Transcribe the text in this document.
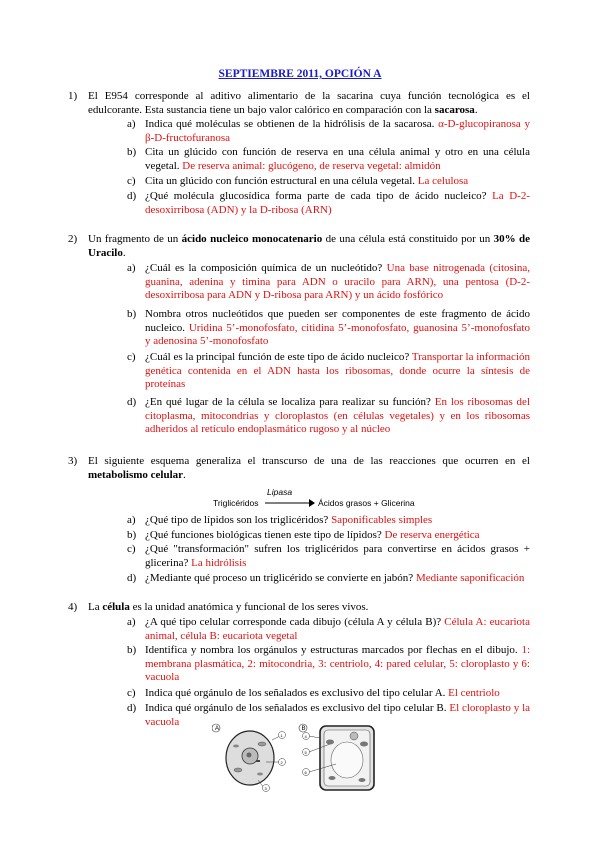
SEPTIEMBRE 2011, OPCIÓN A
1) El E954 corresponde al aditivo alimentario de la sacarina cuya función tecnológica es el edulcorante. Esta sustancia tiene un bajo valor calórico en comparación con la sacarosa.
a) Indica qué moléculas se obtienen de la hidrólisis de la sacarosa. α-D-glucopiranosa y β-D-fructofuranosa
b) Cita un glúcido con función de reserva en una célula animal y otro en una célula vegetal. De reserva animal: glucógeno, de reserva vegetal: almidón
c) Cita un glúcido con función estructural en una célula vegetal. La celulosa
d) ¿Qué molécula glucosídica forma parte de cada tipo de ácido nucleico? La D-2-desoxirribosa (ADN) y la D-ribosa (ARN)
2) Un fragmento de un ácido nucleico monocatenario de una célula está constituido por un 30% de Uracilo.
a) ¿Cuál es la composición química de un nucleótido? Una base nitrogenada (citosina, guanina, adenina y timina para ADN o uracilo para ARN), una pentosa (D-2-desoxirribosa para ADN y D-ribosa para ARN) y un ácido fosfórico
b) Nombra otros nucleótidos que pueden ser componentes de este fragmento de ácido nucleico. Uridina 5’-monofosfato, citidina 5’-monofosfato, guanosina 5’-monofosfato y adenosina 5’-monofosfato
c) ¿Cuál es la principal función de este tipo de ácido nucleico? Transportar la información genética contenida en el ADN hasta los ribosomas, donde ocurre la síntesis de proteínas
d) ¿En qué lugar de la célula se localiza para realizar su función? En los ribosomas del citoplasma, mitocondrias y cloroplastos (en células vegetales) y en los ribosomas adheridos al retículo endoplasmático rugoso y al núcleo
3) El siguiente esquema generaliza el transcurso de una de las reacciones que ocurren en el metabolismo celular.
Triglicéridos
Lipasa
Ácidos grasos + Glicerina
a) ¿Qué tipo de lípidos son los triglicéridos? Saponificables simples
b) ¿Qué funciones biológicas tienen este tipo de lípidos? De reserva energética
c) ¿Qué "transformación" sufren los triglicéridos para convertirse en ácidos grasos + glicerina? La hidrólisis
d) ¿Mediante qué proceso un triglicérido se convierte en jabón? Mediante saponificación
4) La célula es la unidad anatómica y funcional de los seres vivos.
a) ¿A qué tipo celular corresponde cada dibujo (célula A y célula B)? Célula A: eucariota animal, célula B: eucariota vegetal
b) Identifica y nombra los orgánulos y estructuras marcados por flechas en el dibujo. 1: membrana plasmática, 2: mitocondria, 3: centriolo, 4: pared celular, 5: cloroplasto y 6: vacuola
c) Indica qué orgánulo de los señalados es exclusivo del tipo celular A. El centriolo
d) Indica qué orgánulo de los señalados es exclusivo del tipo celular B. El cloroplasto y la vacuola
A
1
2
3
B
4
5
6
